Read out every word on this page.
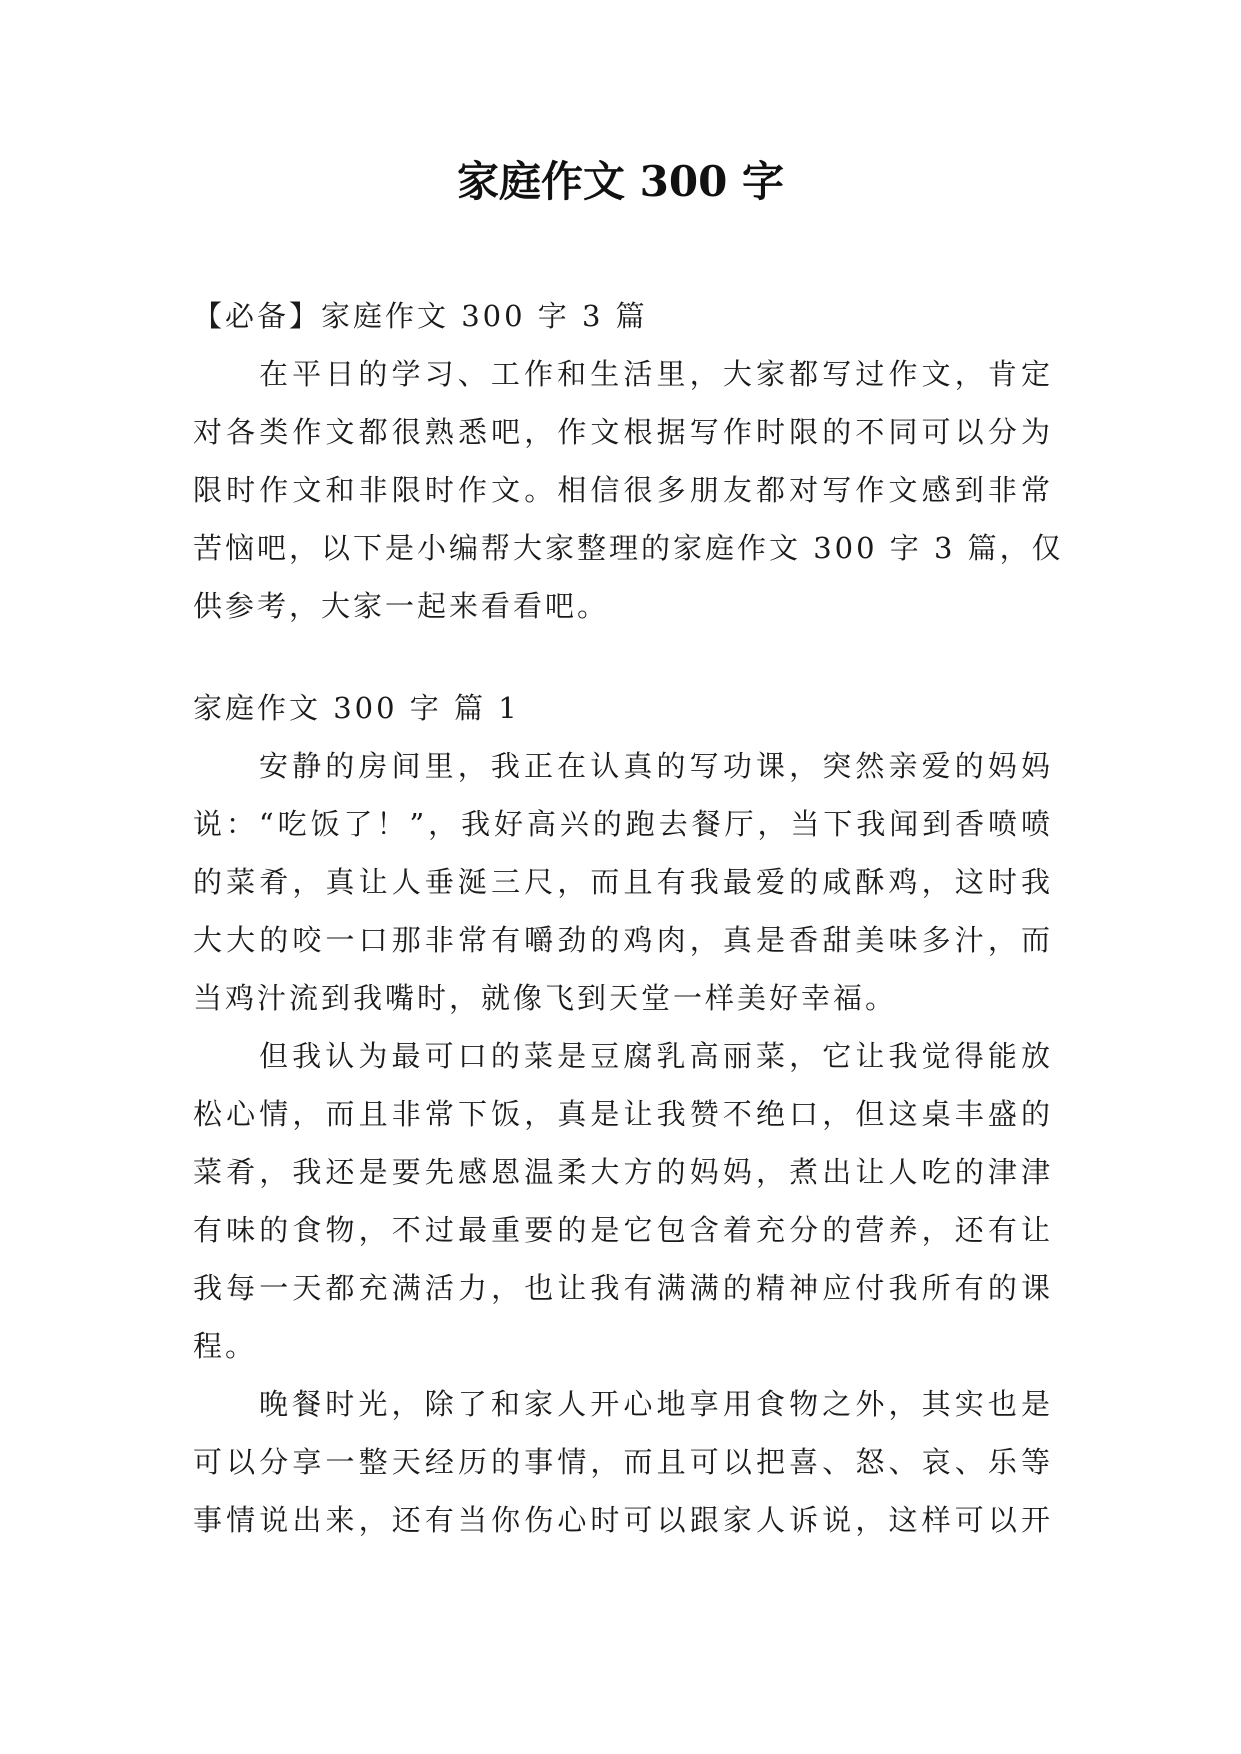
家庭作文 300 字
【必备】家庭作文 300 字 3 篇
在平日的学习、工作和生活里，大家都写过作文，肯定
对各类作文都很熟悉吧，作文根据写作时限的不同可以分为
限时作文和非限时作文。相信很多朋友都对写作文感到非常
苦恼吧，以下是小编帮大家整理的家庭作文 300 字 3 篇，仅
供参考，大家一起来看看吧。
家庭作文 300 字 篇 1
安静的房间里，我正在认真的写功课，突然亲爱的妈妈
说：“吃饭了！”，我好高兴的跑去餐厅，当下我闻到香喷喷
的菜肴，真让人垂涎三尺，而且有我最爱的咸酥鸡，这时我
大大的咬一口那非常有嚼劲的鸡肉，真是香甜美味多汁，而
当鸡汁流到我嘴时，就像飞到天堂一样美好幸福。
但我认为最可口的菜是豆腐乳高丽菜，它让我觉得能放
松心情，而且非常下饭，真是让我赞不绝口，但这桌丰盛的
菜肴，我还是要先感恩温柔大方的妈妈，煮出让人吃的津津
有味的食物，不过最重要的是它包含着充分的营养，还有让
我每一天都充满活力，也让我有满满的精神应付我所有的课
程。
晚餐时光，除了和家人开心地享用食物之外，其实也是
可以分享一整天经历的事情，而且可以把喜、怒、哀、乐等
事情说出来，还有当你伤心时可以跟家人诉说，这样可以开
